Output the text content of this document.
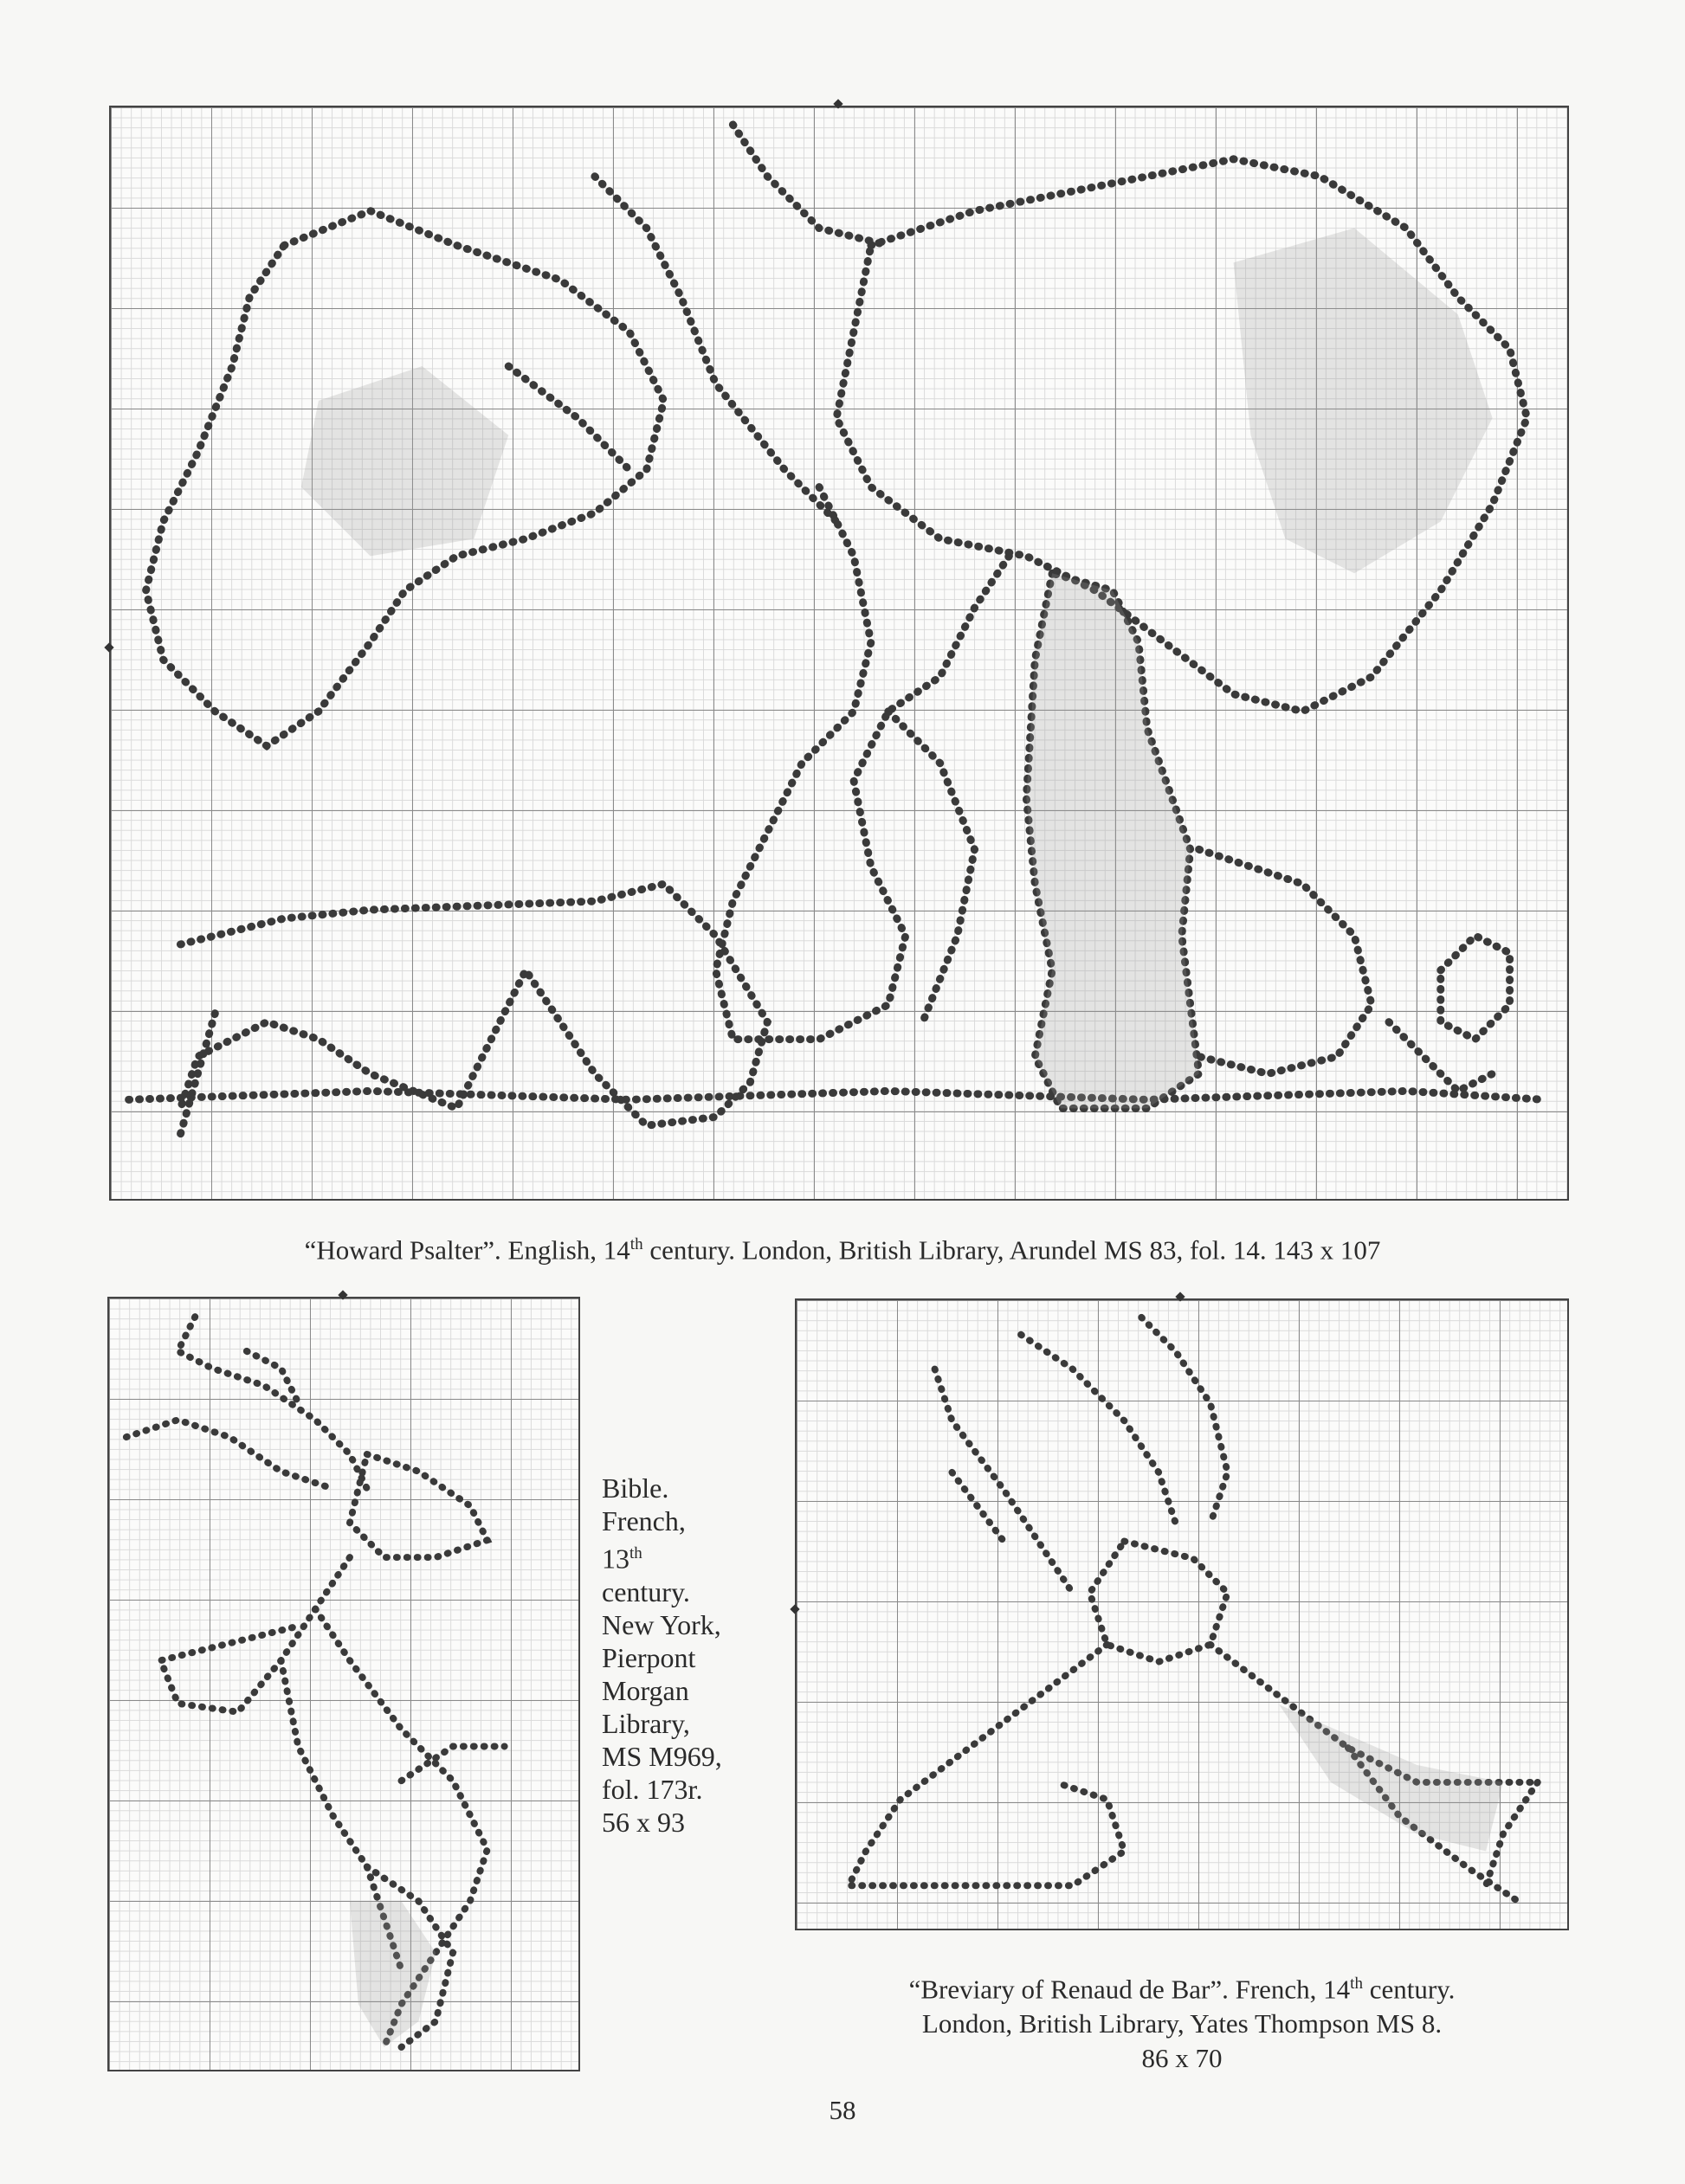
“Howard Psalter”. English, 14th century. London, British Library, Arundel MS 83, fol. 14. 143 x 107
Bible.
French,
13th
century.
New York,
Pierpont
Morgan
Library,
MS M969,
fol. 173r.
56 x 93
“Breviary of Renaud de Bar”. French, 14th century.
London, British Library, Yates Thompson MS 8.
86 x 70
58
